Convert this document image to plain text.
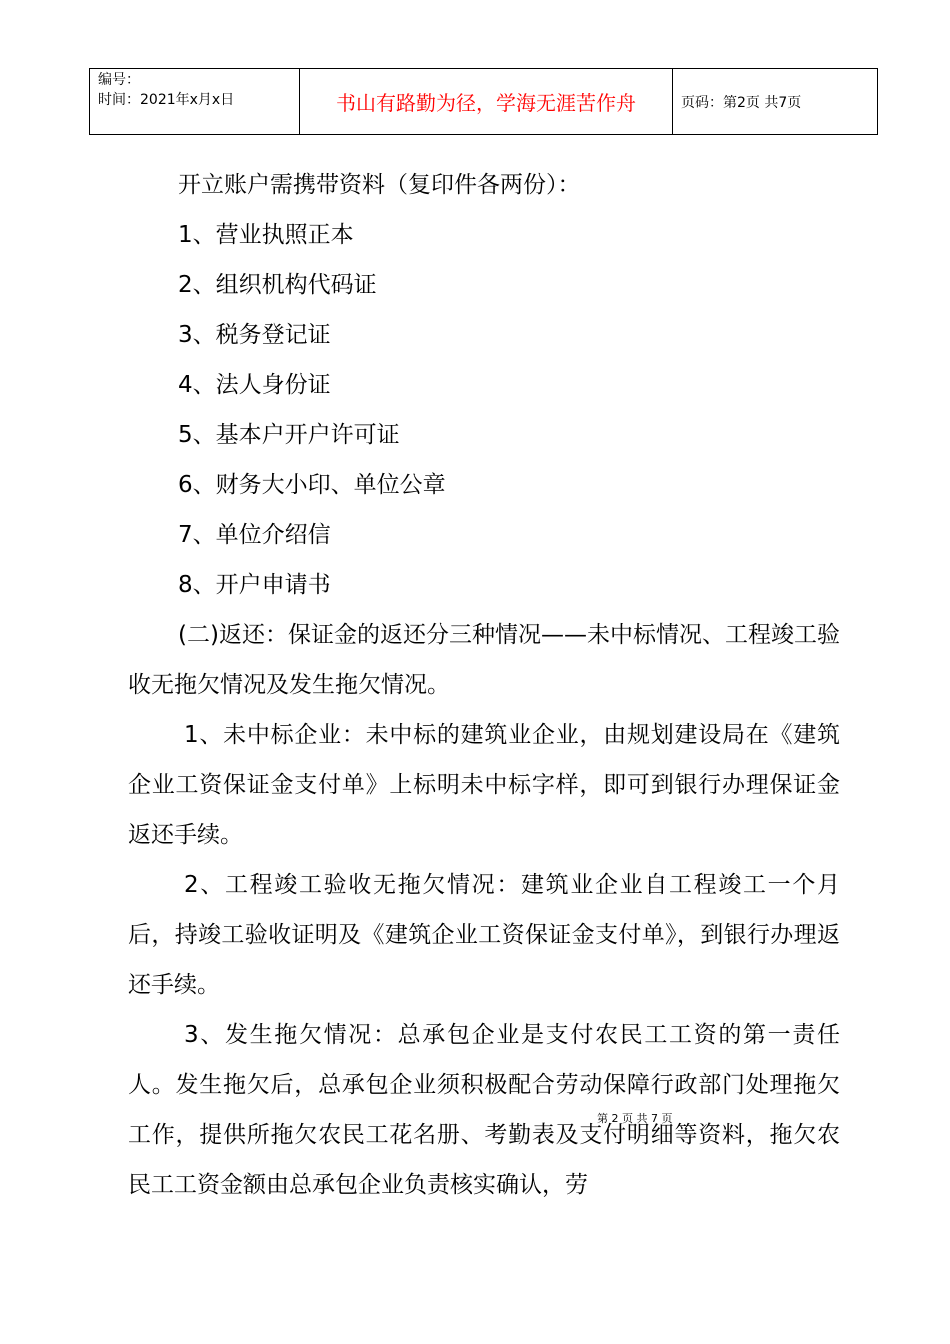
编号：
时间：2021年x月x日	书山有路勤为径，学海无涯苦作舟	页码：第2页 共7页

开立账户需携带资料（复印件各两份）：

1、营业执照正本

2、组织机构代码证

3、税务登记证

4、法人身份证

5、基本户开户许可证

6、财务大小印、单位公章

7、单位介绍信

8、开户申请书

(二)返还：保证金的返还分三种情况——未中标情况、工程竣工验收无拖欠情况及发生拖欠情况。

1、未中标企业：未中标的建筑业企业，由规划建设局在《建筑企业工资保证金支付单》上标明未中标字样，即可到银行办理保证金返还手续。

2、工程竣工验收无拖欠情况：建筑业企业自工程竣工一个月后，持竣工验收证明及《建筑企业工资保证金支付单》，到银行办理返还手续。

3、发生拖欠情况：总承包企业是支付农民工工资的第一责任人。发生拖欠后，总承包企业须积极配合劳动保障行政部门处理拖欠工作，提供所拖欠农民工花名册、考勤表及支付明细等资料，拖欠农民工工资金额由总承包企业负责核实确认，劳

第 2 页 共 7 页
